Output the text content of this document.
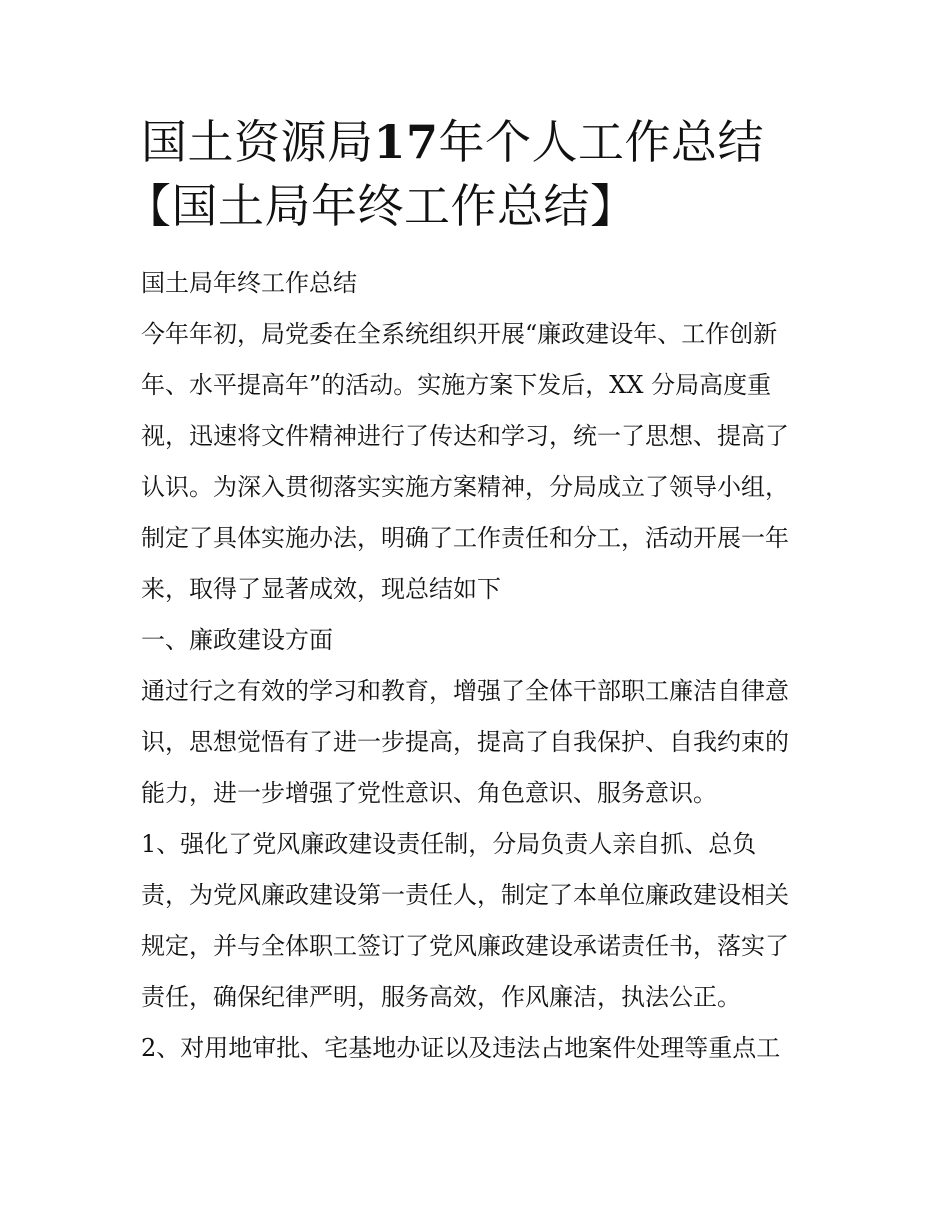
国土资源局17年个人工作总结
【国土局年终工作总结】

国土局年终工作总结

今年年初，局党委在全系统组织开展“廉政建设年、工作创新
年、水平提高年”的活动。实施方案下发后，XX 分局高度重
视，迅速将文件精神进行了传达和学习，统一了思想、提高了
认识。为深入贯彻落实实施方案精神，分局成立了领导小组，
制定了具体实施办法，明确了工作责任和分工，活动开展一年
来，取得了显著成效，现总结如下

一、廉政建设方面

通过行之有效的学习和教育，增强了全体干部职工廉洁自律意
识，思想觉悟有了进一步提高，提高了自我保护、自我约束的
能力，进一步增强了党性意识、角色意识、服务意识。

1、强化了党风廉政建设责任制，分局负责人亲自抓、总负
责，为党风廉政建设第一责任人，制定了本单位廉政建设相关
规定，并与全体职工签订了党风廉政建设承诺责任书，落实了
责任，确保纪律严明，服务高效，作风廉洁，执法公正。

2、对用地审批、宅基地办证以及违法占地案件处理等重点工
